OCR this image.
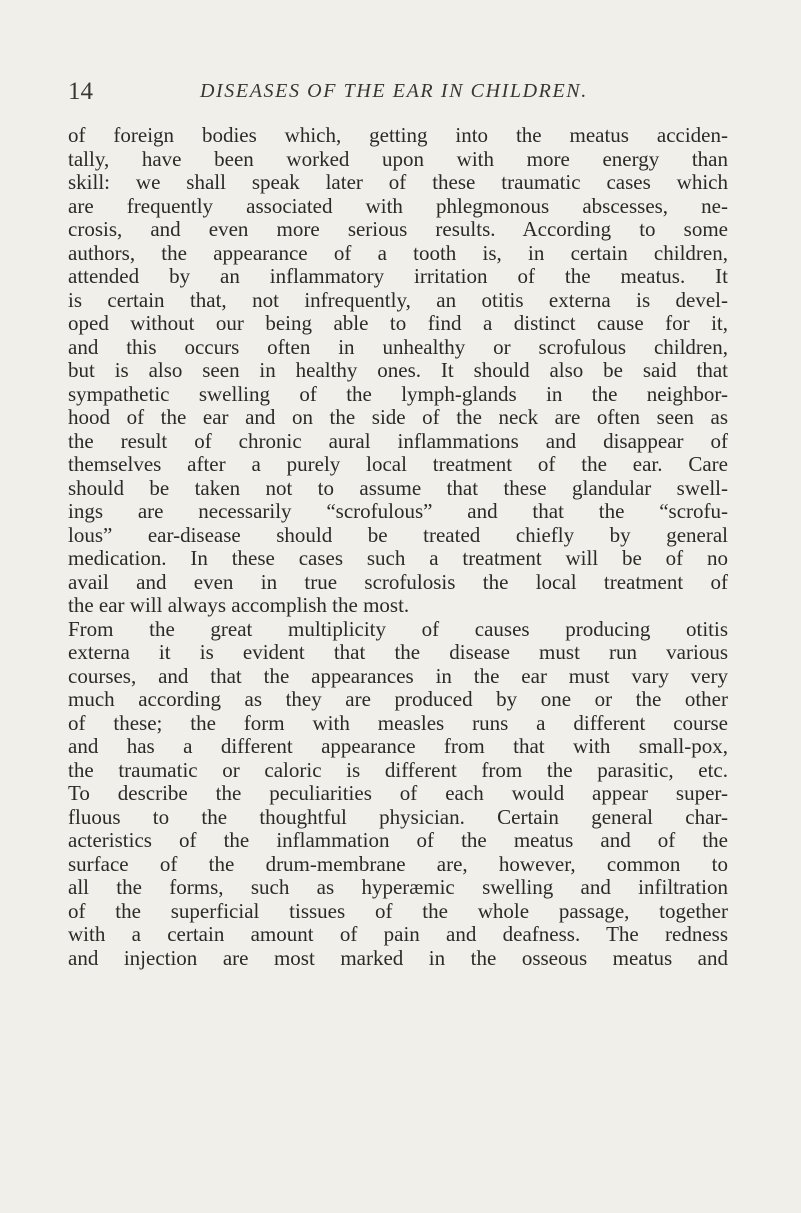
14	DISEASES OF THE EAR IN CHILDREN.
of foreign bodies which, getting into the meatus acciden-
tally, have been worked upon with more energy than
skill: we shall speak later of these traumatic cases which
are frequently associated with phlegmonous abscesses, ne-
crosis, and even more serious results. According to some
authors, the appearance of a tooth is, in certain children,
attended by an inflammatory irritation of the meatus. It
is certain that, not infrequently, an otitis externa is devel-
oped without our being able to find a distinct cause for it,
and this occurs often in unhealthy or scrofulous children,
but is also seen in healthy ones. It should also be said that
sympathetic swelling of the lymph-glands in the neighbor-
hood of the ear and on the side of the neck are often seen as
the result of chronic aural inflammations and disappear of
themselves after a purely local treatment of the ear. Care
should be taken not to assume that these glandular swell-
ings are necessarily “scrofulous” and that the “scrofu-
lous” ear-disease should be treated chiefly by general
medication. In these cases such a treatment will be of no
avail and even in true scrofulosis the local treatment of
the ear will always accomplish the most.
From the great multiplicity of causes producing otitis
externa it is evident that the disease must run various
courses, and that the appearances in the ear must vary very
much according as they are produced by one or the other
of these; the form with measles runs a different course
and has a different appearance from that with small-pox,
the traumatic or caloric is different from the parasitic, etc.
To describe the peculiarities of each would appear super-
fluous to the thoughtful physician. Certain general char-
acteristics of the inflammation of the meatus and of the
surface of the drum-membrane are, however, common to
all the forms, such as hyperæmic swelling and infiltration
of the superficial tissues of the whole passage, together
with a certain amount of pain and deafness. The redness
and injection are most marked in the osseous meatus and
